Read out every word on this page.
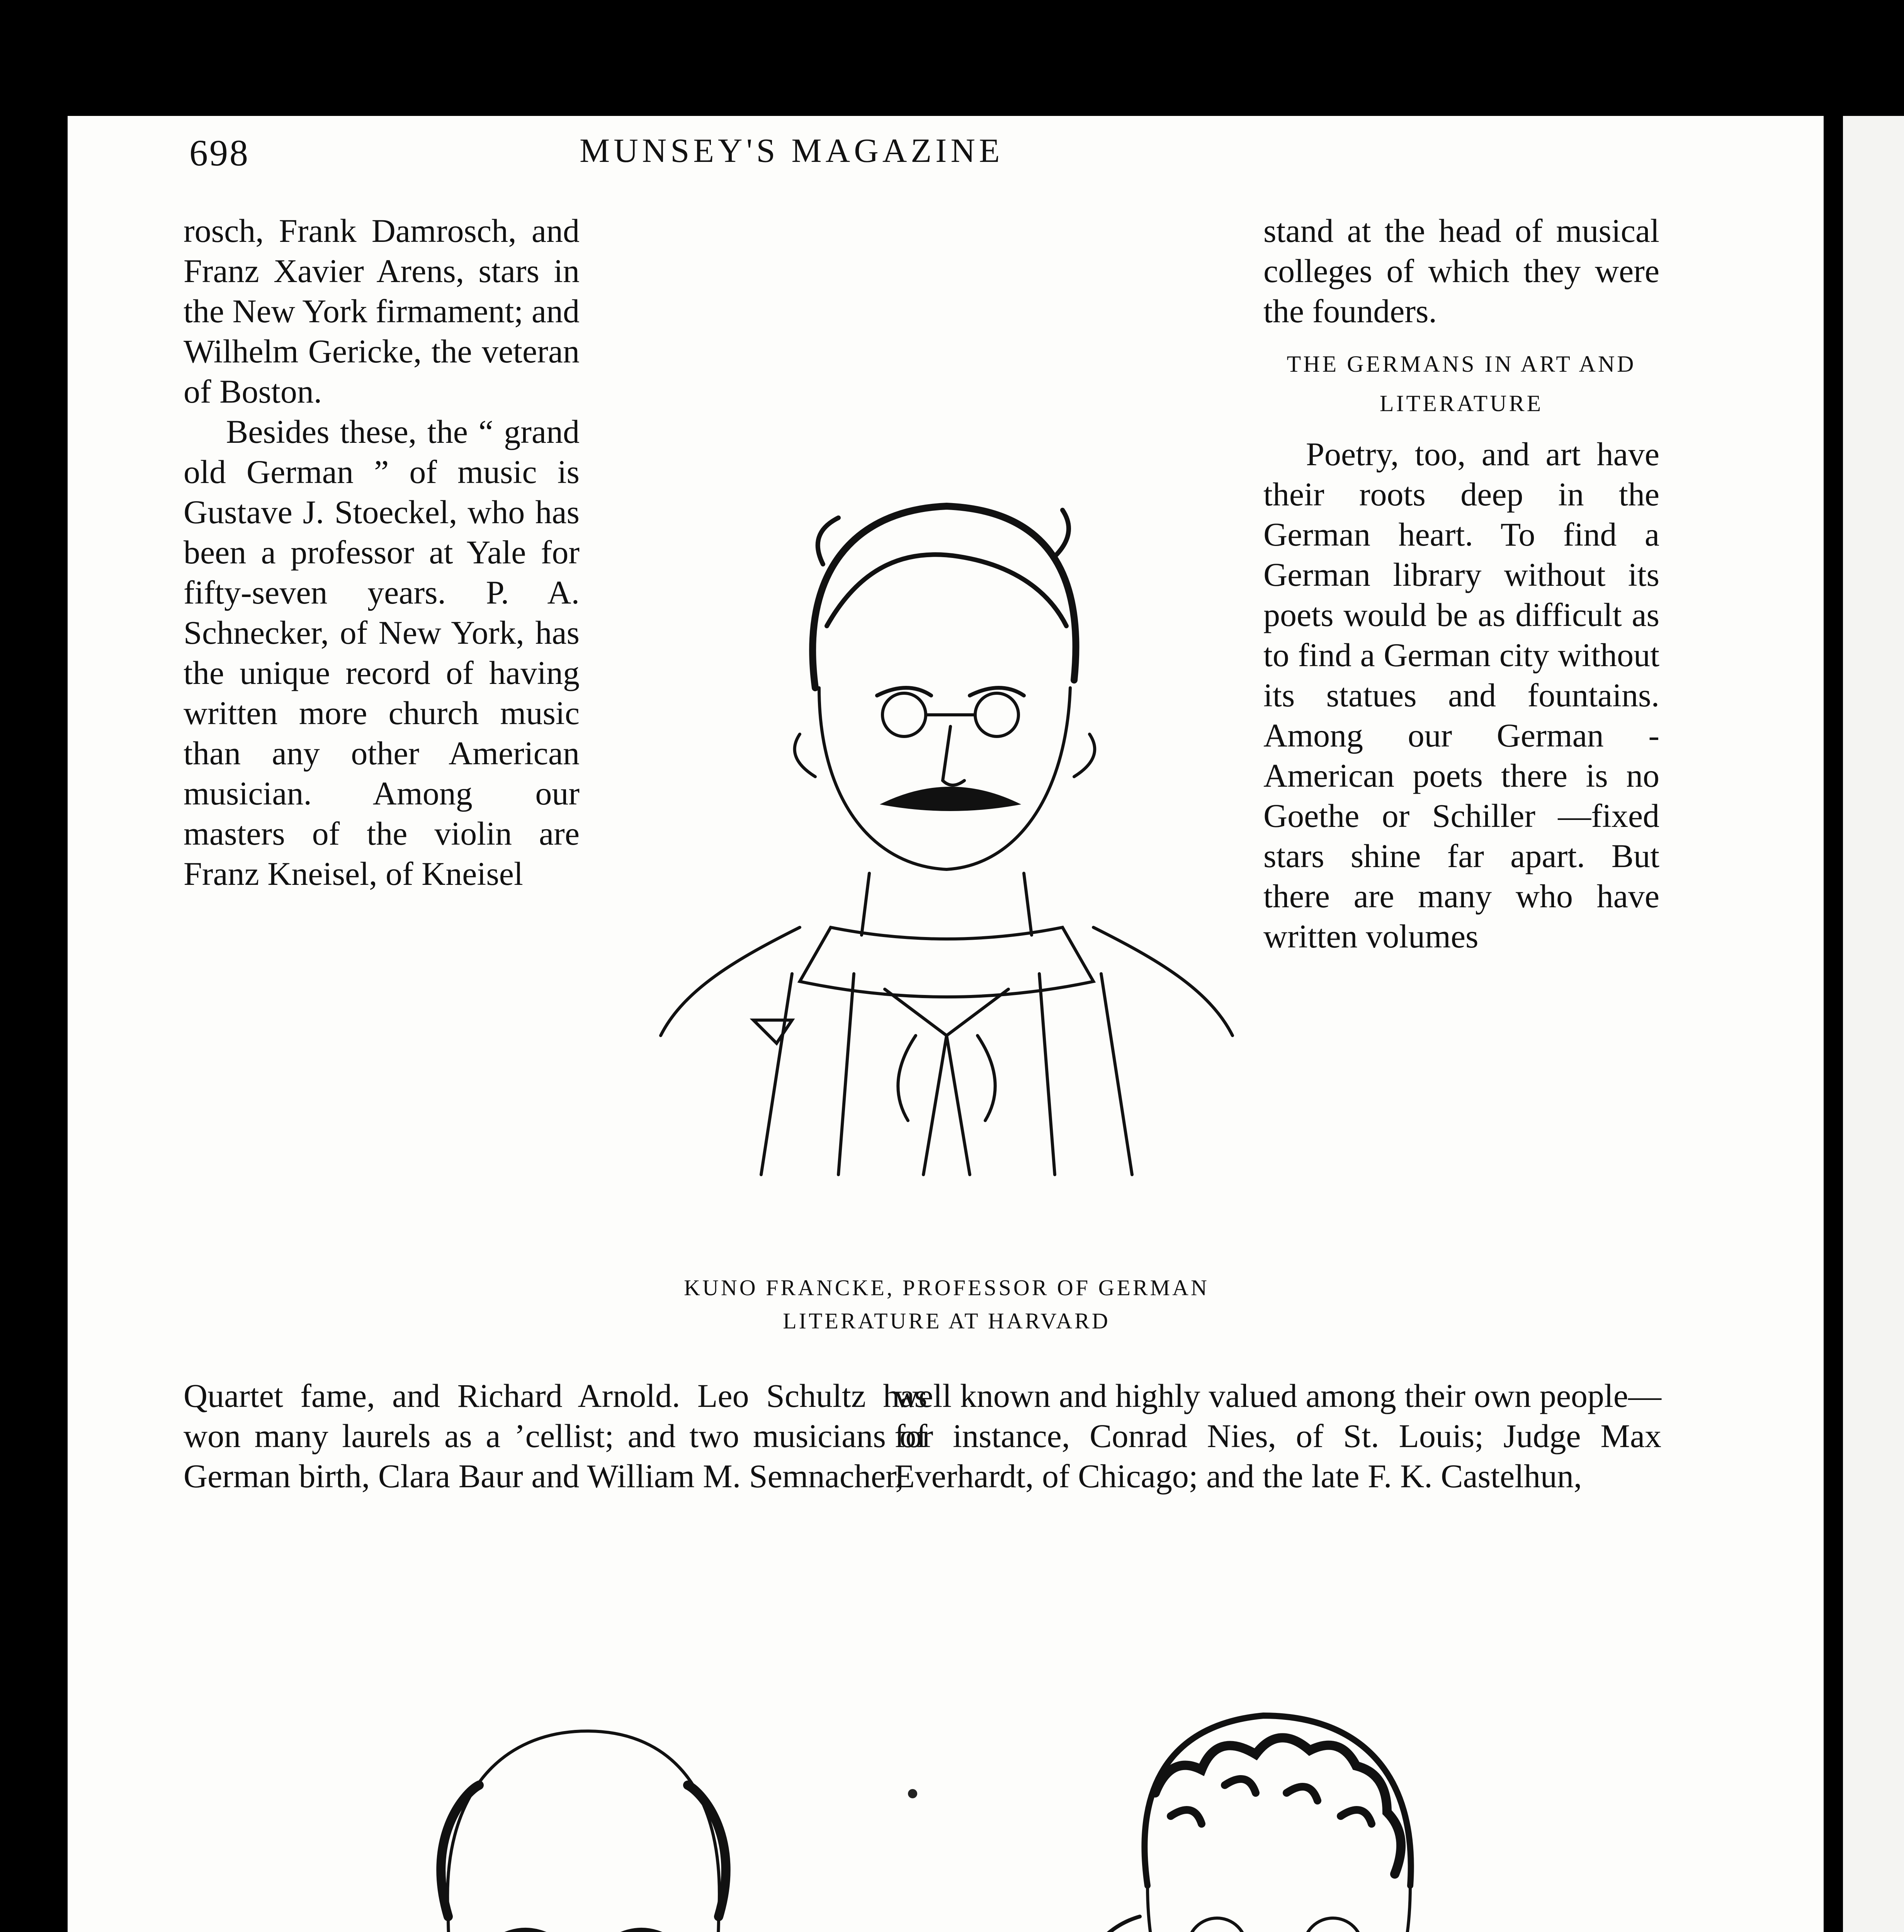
698	MUNSEY'S MAGAZINE

rosch, Frank Damrosch, and Franz Xavier Arens, stars in the New York firmament; and Wilhelm Gericke, the veteran of Boston.

Besides these, the “ grand old German ” of music is Gustave J. Stoeckel, who has been a professor at Yale for fifty-seven years. P. A. Schnecker, of New York, has the unique record of having written more church music than any other American musician. Among our masters of the violin are Franz Kneisel, of Kneisel

stand at the head of musical colleges of which they were the founders.

THE GERMANS IN ART AND LITERATURE

Poetry, too, and art have their roots deep in the German heart. To find a German library without its poets would be as difficult as to find a German city without its statues and fountains. Among our German - American poets there is no Goethe or Schiller —fixed stars shine far apart. But there are many who have written volumes

KUNO FRANCKE, PROFESSOR OF GERMAN LITERATURE AT HARVARD

Quartet fame, and Richard Arnold. Leo Schultz has won many laurels as a ’cellist; and two musicians of German birth, Clara Baur and William M. Semnacher,

well known and highly valued among their own people—for instance, Conrad Nies, of St. Louis; Judge Max Everhardt, of Chicago; and the late F. K. Castelhun,
